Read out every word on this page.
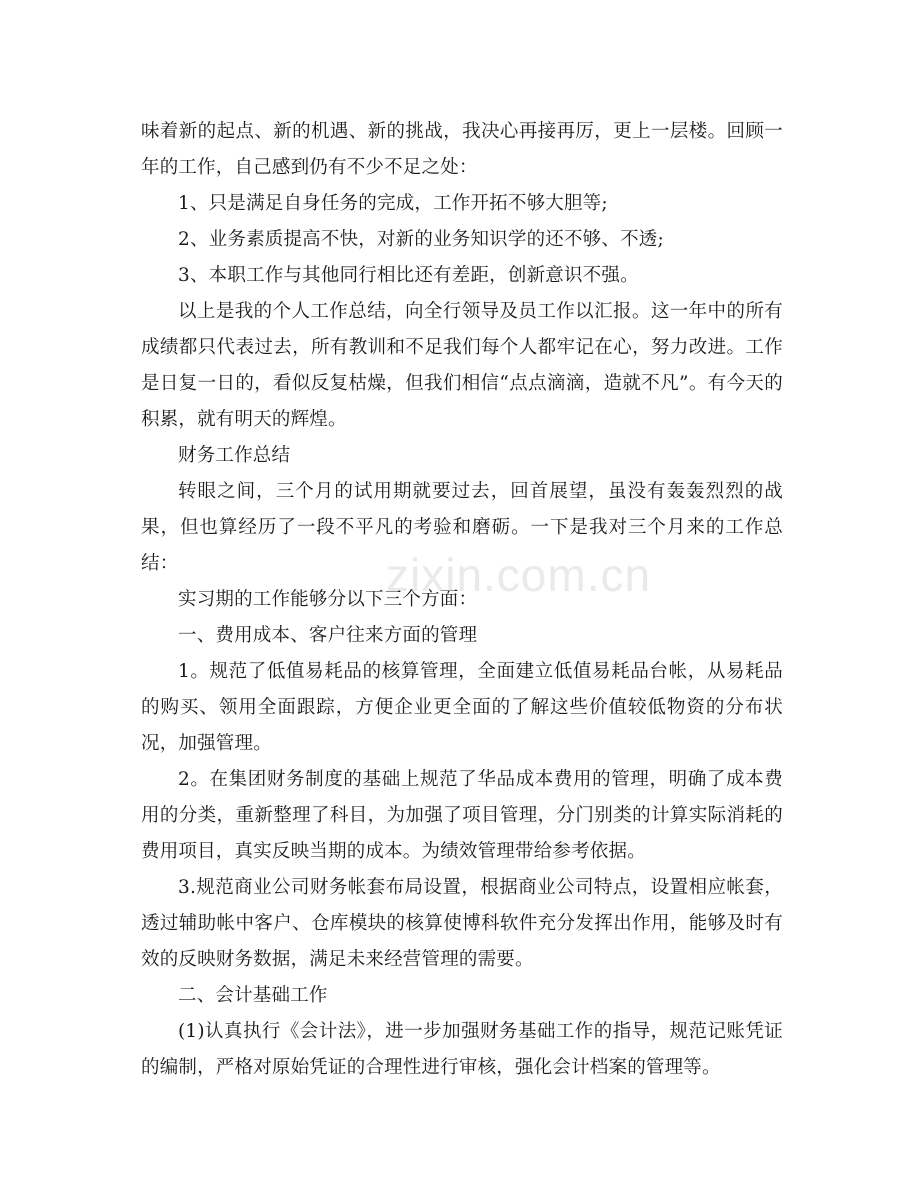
味着新的起点、新的机遇、新的挑战，我决心再接再厉，更上一层楼。回顾一年的工作，自己感到仍有不少不足之处：

1、只是满足自身任务的完成，工作开拓不够大胆等;

2、业务素质提高不快，对新的业务知识学的还不够、不透;

3、本职工作与其他同行相比还有差距，创新意识不强。

以上是我的个人工作总结，向全行领导及员工作以汇报。这一年中的所有成绩都只代表过去，所有教训和不足我们每个人都牢记在心，努力改进。工作是日复一日的，看似反复枯燥，但我们相信“点点滴滴，造就不凡”。有今天的积累，就有明天的辉煌。

财务工作总结

转眼之间，三个月的试用期就要过去，回首展望，虽没有轰轰烈烈的战果，但也算经历了一段不平凡的考验和磨砺。一下是我对三个月来的工作总结：

实习期的工作能够分以下三个方面：

一、费用成本、客户往来方面的管理

1。规范了低值易耗品的核算管理，全面建立低值易耗品台帐，从易耗品的购买、领用全面跟踪，方便企业更全面的了解这些价值较低物资的分布状况，加强管理。

2。在集团财务制度的基础上规范了华品成本费用的管理，明确了成本费用的分类，重新整理了科目，为加强了项目管理，分门别类的计算实际消耗的费用项目，真实反映当期的成本。为绩效管理带给参考依据。

3.规范商业公司财务帐套布局设置，根据商业公司特点，设置相应帐套，透过辅助帐中客户、仓库模块的核算使博科软件充分发挥出作用，能够及时有效的反映财务数据，满足未来经营管理的需要。

二、会计基础工作

(1)认真执行《会计法》，进一步加强财务基础工作的指导，规范记账凭证的编制，严格对原始凭证的合理性进行审核，强化会计档案的管理等。

zixin.com.cn
